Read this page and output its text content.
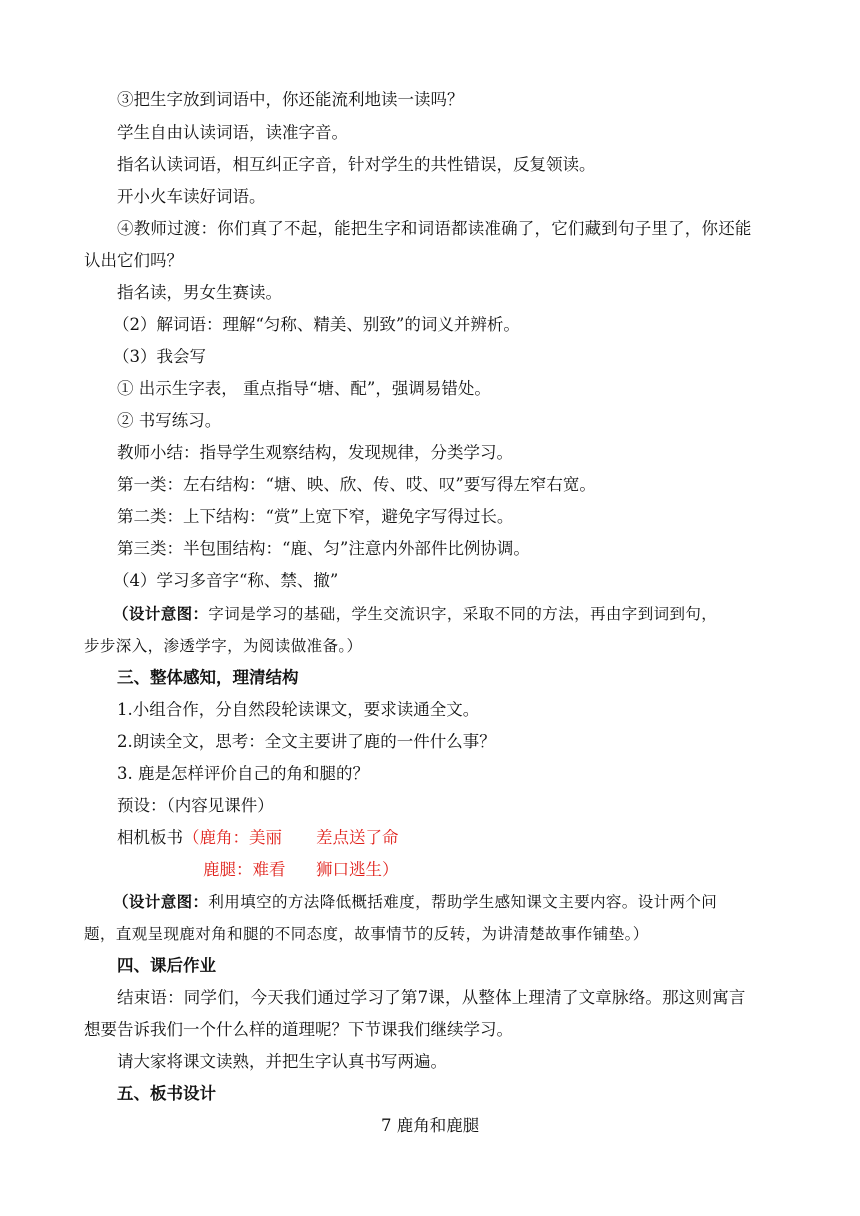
③把生字放到词语中，你还能流利地读一读吗？
学生自由认读词语，读准字音。
指名认读词语，相互纠正字音，针对学生的共性错误，反复领读。
开小火车读好词语。
④教师过渡：你们真了不起，能把生字和词语都读准确了，它们藏到句子里了，你还能
认出它们吗？
指名读，男女生赛读。
（2）解词语：理解“匀称、精美、别致”的词义并辨析。
（3）我会写
① 出示生字表， 重点指导“塘、配”，强调易错处。
② 书写练习。
教师小结：指导学生观察结构，发现规律，分类学习。
第一类：左右结构：“塘、映、欣、传、哎、叹”要写得左窄右宽。
第二类：上下结构：“赏”上宽下窄，避免字写得过长。
第三类：半包围结构：“鹿、匀”注意内外部件比例协调。
（4）学习多音字“称、禁、撤”
（设计意图：字词是学习的基础，学生交流识字，采取不同的方法，再由字到词到句，
步步深入，渗透学字，为阅读做准备。）
三、整体感知，理清结构
1.小组合作，分自然段轮读课文，要求读通全文。
2.朗读全文，思考：全文主要讲了鹿的一件什么事？
3. 鹿是怎样评价自己的角和腿的？
预设：（内容见课件）
相机板书（鹿角：美丽 差点送了命
鹿腿：难看 狮口逃生）
（设计意图：利用填空的方法降低概括难度，帮助学生感知课文主要内容。设计两个问
题，直观呈现鹿对角和腿的不同态度，故事情节的反转，为讲清楚故事作铺垫。）
四、课后作业
结束语：同学们，今天我们通过学习了第7课，从整体上理清了文章脉络。那这则寓言
想要告诉我们一个什么样的道理呢？下节课我们继续学习。
请大家将课文读熟，并把生字认真书写两遍。
五、板书设计
7 鹿角和鹿腿
